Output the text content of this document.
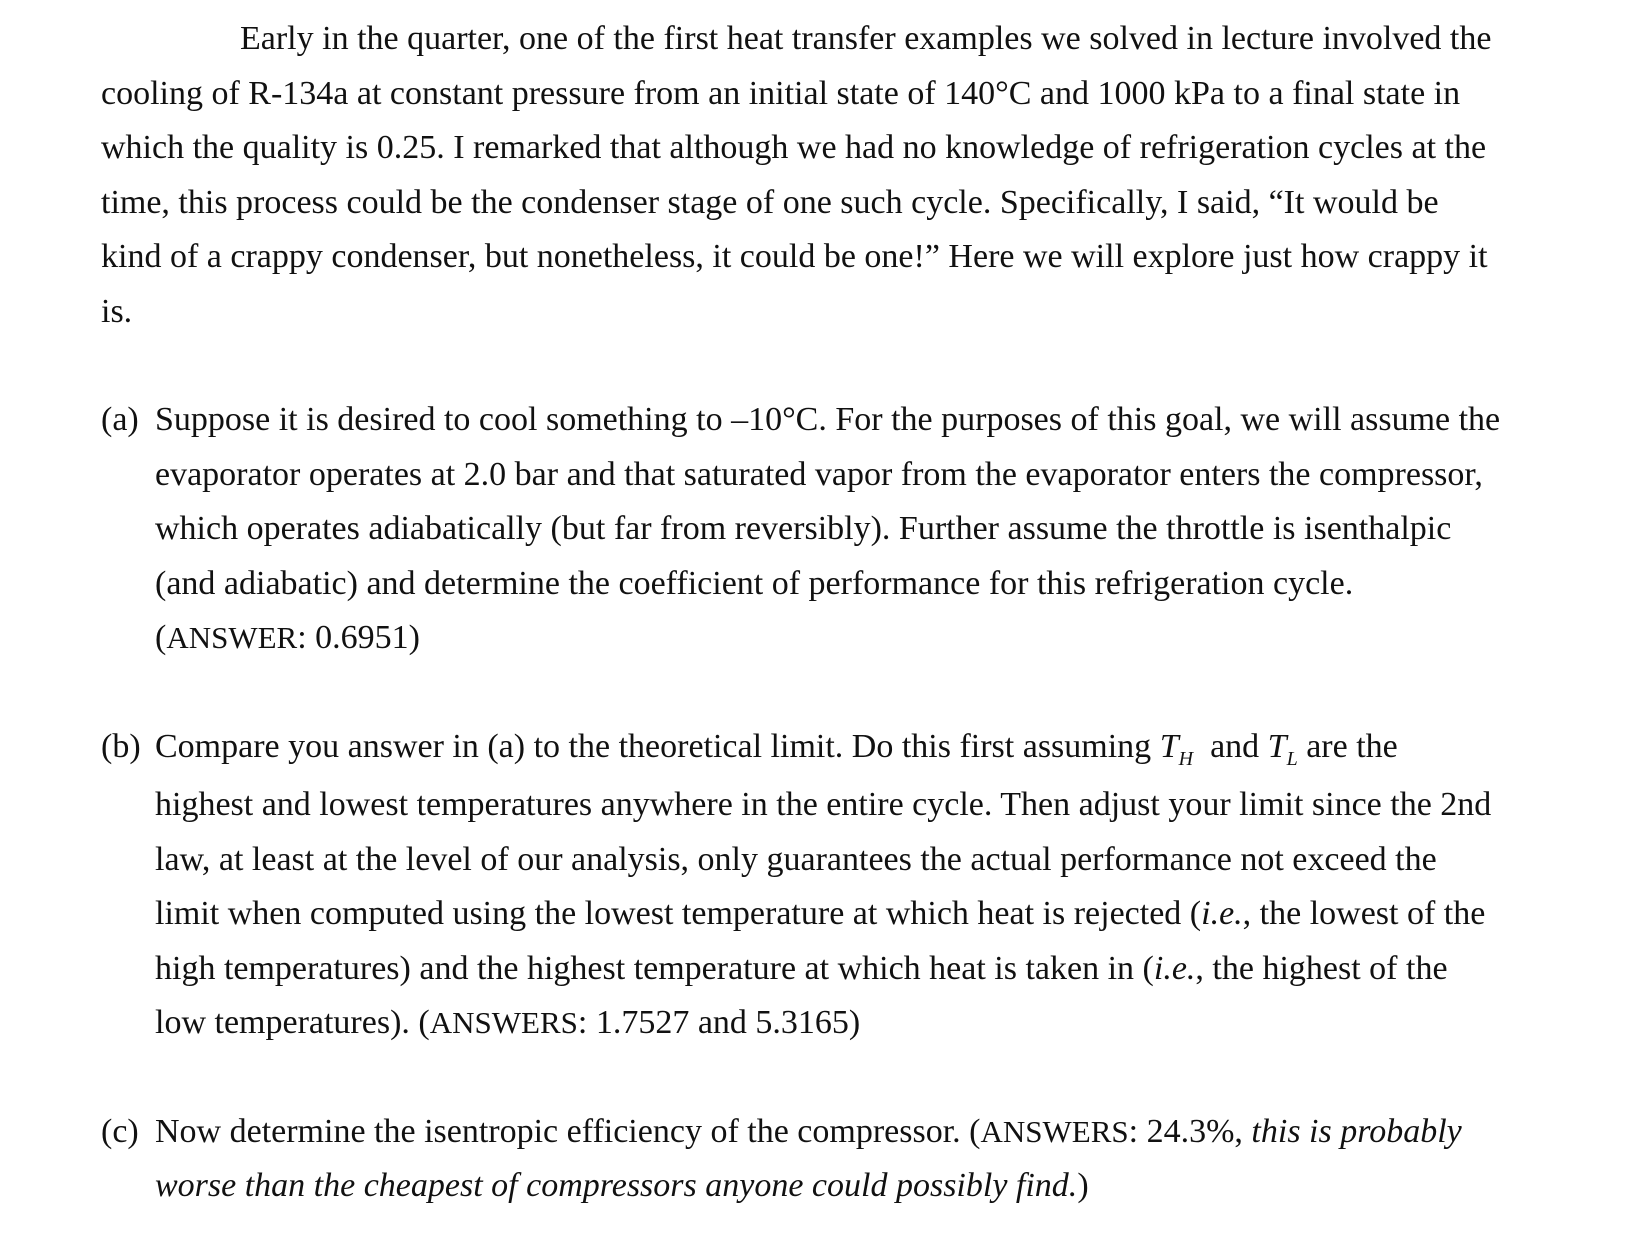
Early in the quarter, one of the first heat transfer examples we solved in lecture involved the cooling of R-134a at constant pressure from an initial state of 140°C and 1000 kPa to a final state in which the quality is 0.25. I remarked that although we had no knowledge of refrigeration cycles at the time, this process could be the condenser stage of one such cycle. Specifically, I said, “It would be kind of a crappy condenser, but nonetheless, it could be one!” Here we will explore just how crappy it is.

(a) Suppose it is desired to cool something to –10°C. For the purposes of this goal, we will assume the evaporator operates at 2.0 bar and that saturated vapor from the evaporator enters the compressor, which operates adiabatically (but far from reversibly). Further assume the throttle is isenthalpic (and adiabatic) and determine the coefficient of performance for this refrigeration cycle. (ANSWER: 0.6951)

(b) Compare you answer in (a) to the theoretical limit. Do this first assuming $T_H$ and $T_L$ are the highest and lowest temperatures anywhere in the entire cycle. Then adjust your limit since the 2nd law, at least at the level of our analysis, only guarantees the actual performance not exceed the limit when computed using the lowest temperature at which heat is rejected (i.e., the lowest of the high temperatures) and the highest temperature at which heat is taken in (i.e., the highest of the low temperatures). (ANSWERS: 1.7527 and 5.3165)

(c) Now determine the isentropic efficiency of the compressor. (ANSWERS: 24.3%, this is probably worse than the cheapest of compressors anyone could possibly find.)
